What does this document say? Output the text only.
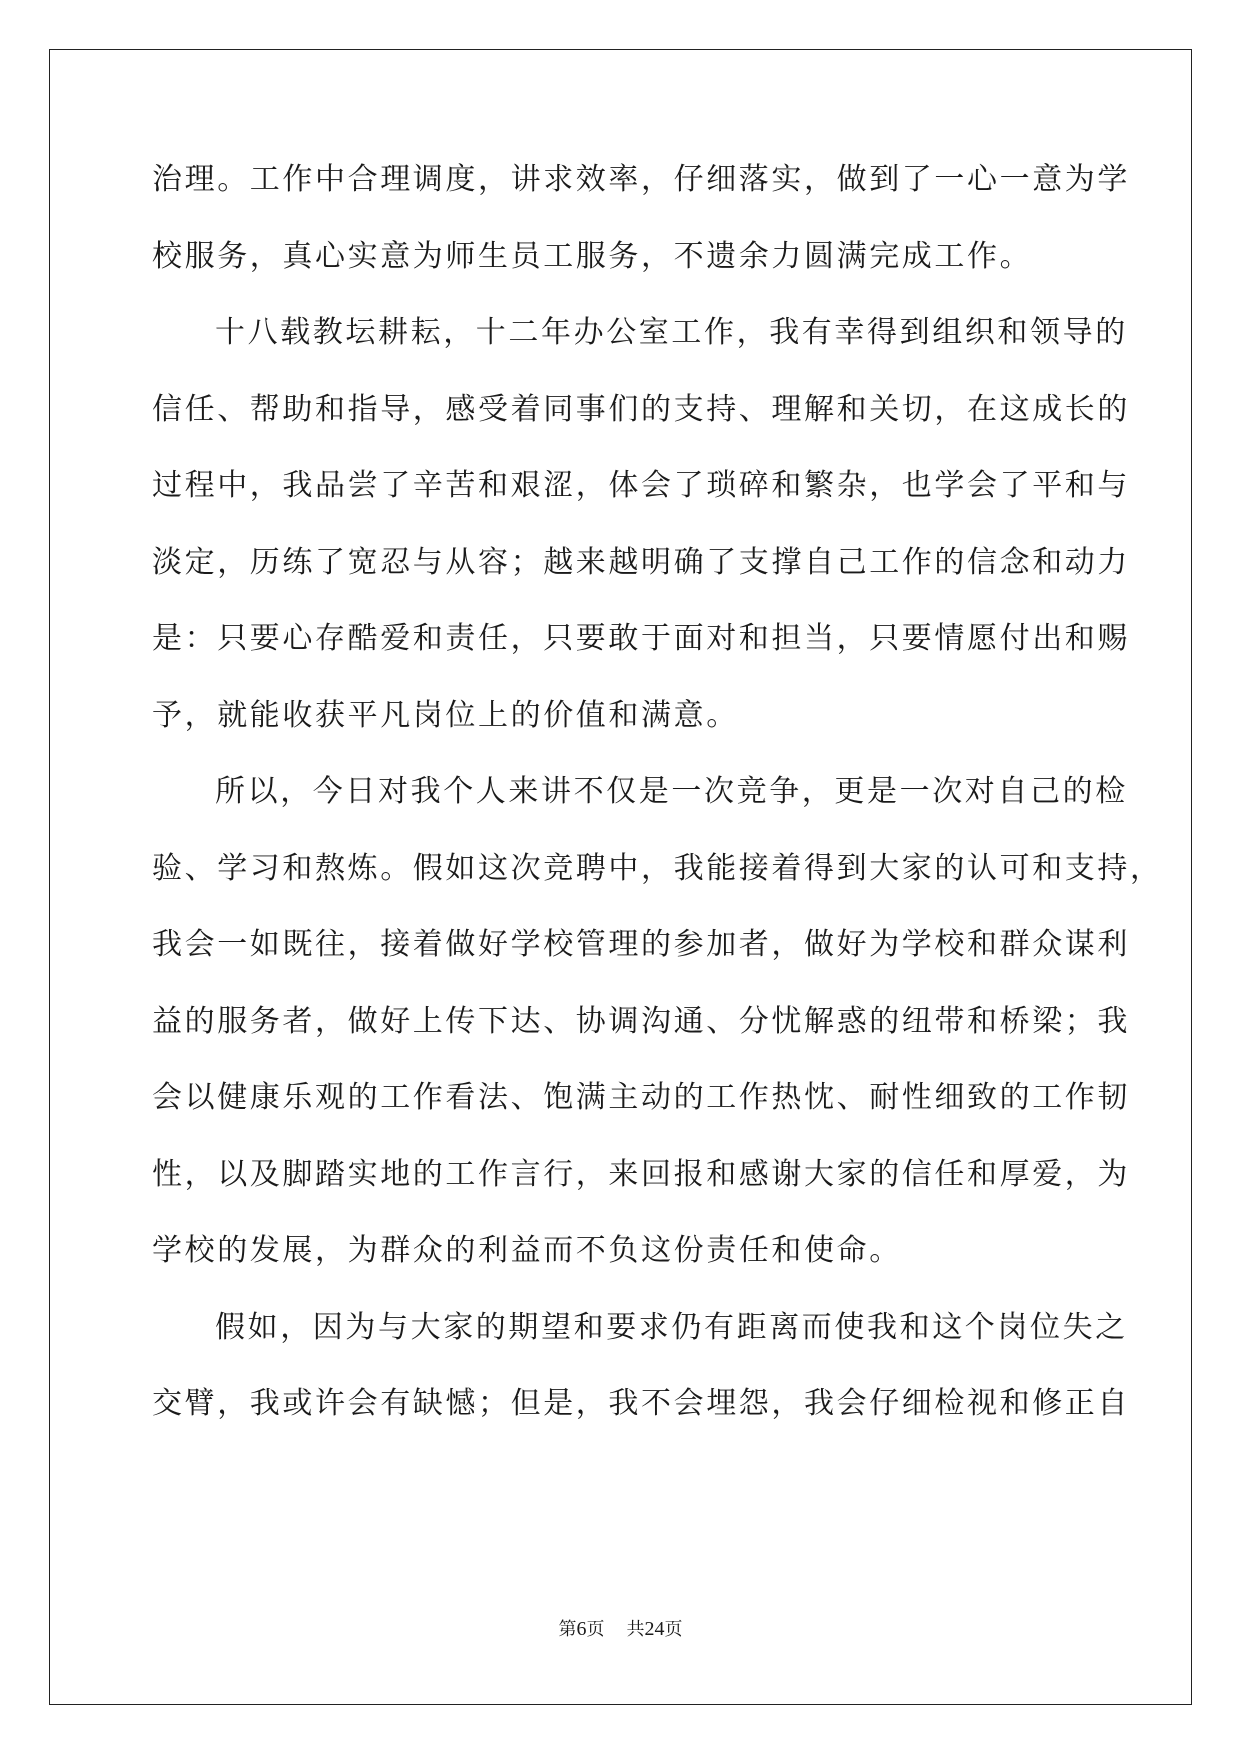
治理。工作中合理调度，讲求效率，仔细落实，做到了一心一意为学
校服务，真心实意为师生员工服务，不遗余力圆满完成工作。
十八载教坛耕耘，十二年办公室工作，我有幸得到组织和领导的
信任、帮助和指导，感受着同事们的支持、理解和关切，在这成长的
过程中，我品尝了辛苦和艰涩，体会了琐碎和繁杂，也学会了平和与
淡定，历练了宽忍与从容；越来越明确了支撑自己工作的信念和动力
是：只要心存酷爱和责任，只要敢于面对和担当，只要情愿付出和赐
予，就能收获平凡岗位上的价值和满意。
所以，今日对我个人来讲不仅是一次竞争，更是一次对自己的检
验、学习和熬炼。假如这次竞聘中，我能接着得到大家的认可和支持，
我会一如既往，接着做好学校管理的参加者，做好为学校和群众谋利
益的服务者，做好上传下达、协调沟通、分忧解惑的纽带和桥梁；我
会以健康乐观的工作看法、饱满主动的工作热忱、耐性细致的工作韧
性，以及脚踏实地的工作言行，来回报和感谢大家的信任和厚爱，为
学校的发展，为群众的利益而不负这份责任和使命。
假如，因为与大家的期望和要求仍有距离而使我和这个岗位失之
交臂，我或许会有缺憾；但是，我不会埋怨，我会仔细检视和修正自
第6页 共24页
